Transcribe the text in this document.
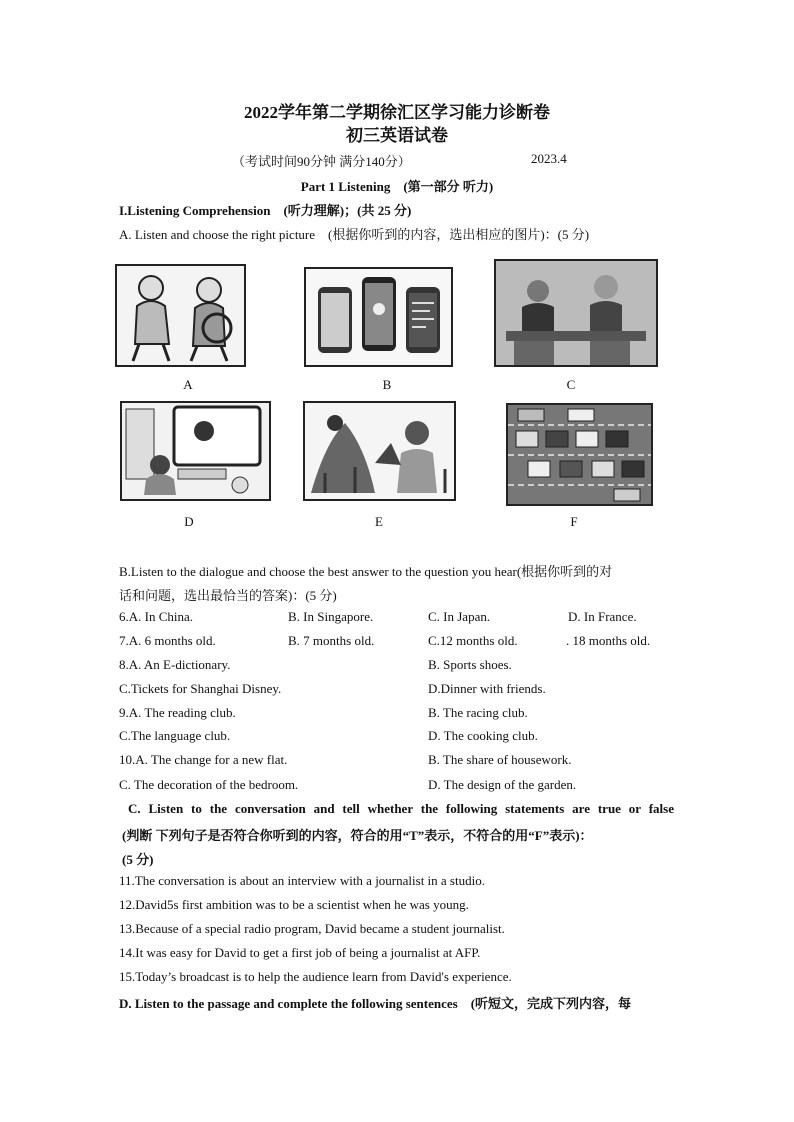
2022学年第二学期徐汇区学习能力诊断卷
初三英语试卷
（考试时间90分钟 满分140分）	2023.4
Part 1 Listening　(第一部分 听力)
I.Listening Comprehension　(听力理解)；(共 25 分)
A. Listen and choose the right picture　(根据你听到的内容，选出相应的图片)：(5 分)
A	B	C
D	E	F
B.Listen to the dialogue and choose the best answer to the question you hear(根据你听到的对
话和问题，选出最恰当的答案)：(5 分)
6.A. In China.	B. In Singapore.	C. In Japan.	D. In France.
7.A. 6 months old.	B. 7 months old.	C.12 months old.	. 18 months old.
8.A. An E-dictionary.	B. Sports shoes.
C.Tickets for Shanghai Disney.	D.Dinner with friends.
9.A. The reading club.	B. The racing club.
C.The language club.	D. The cooking club.
10.A. The change for a new flat.	B. The share of housework.
C. The decoration of the bedroom.	D. The design of the garden.
C. Listen to the conversation and tell whether the following statements are true or false
(判断 下列句子是否符合你听到的内容，符合的用“T”表示，不符合的用“F”表示)：
(5 分)
11.The conversation is about an interview with a journalist in a studio.
12.David5s first ambition was to be a scientist when he was young.
13.Because of a special radio program, David became a student journalist.
14.It was easy for David to get a first job of being a journalist at AFP.
15.Today’s broadcast is to help the audience learn from David's experience.
D. Listen to the passage and complete the following sentences　(听短文，完成下列内容，每
